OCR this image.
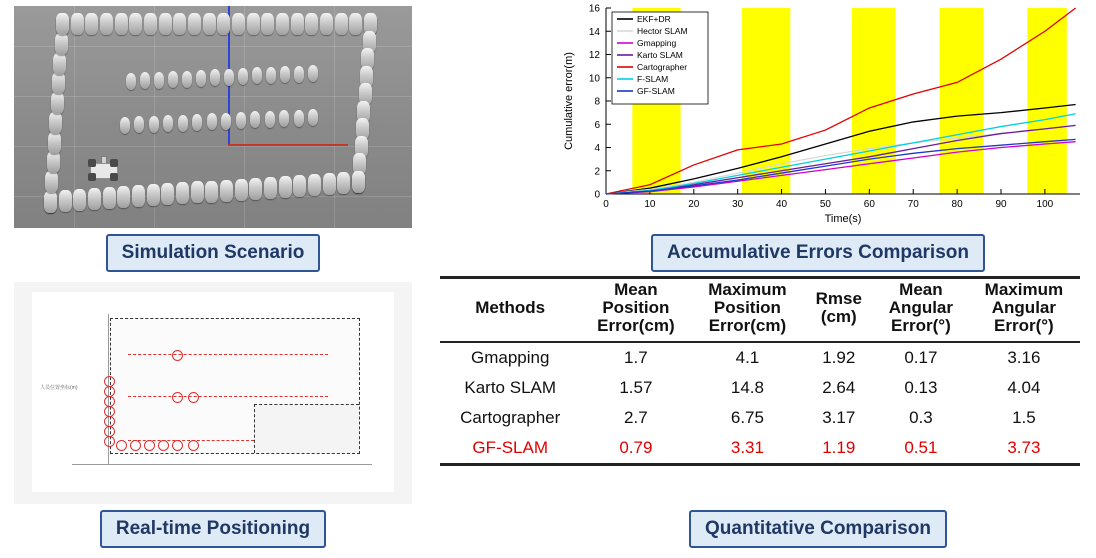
Simulation Scenario
人员位置坐标(m)
Real-time Positioning
0
2
4
6
8
10
12
14
16
0	10	20	30	40	50	60	70	80	90	100
Time(s)
Cumulative error(m)
EKF+DR
Hector SLAM
Gmapping
Karto SLAM
Cartographer
F-SLAM
GF-SLAM
Accumulative Errors Comparison
Methods

Mean
Position
Error(cm)

Maximum
Position
Error(cm)

Rmse
(cm)

Mean
Angular
Error(°)

Maximum
Angular
Error(°)

Gmapping	1.7	4.1	1.92	0.17	3.16
Karto SLAM	1.57	14.8	2.64	0.13	4.04
Cartographer	2.7	6.75	3.17	0.3	1.5
GF-SLAM	0.79	3.31	1.19	0.51	3.73
Quantitative Comparison
